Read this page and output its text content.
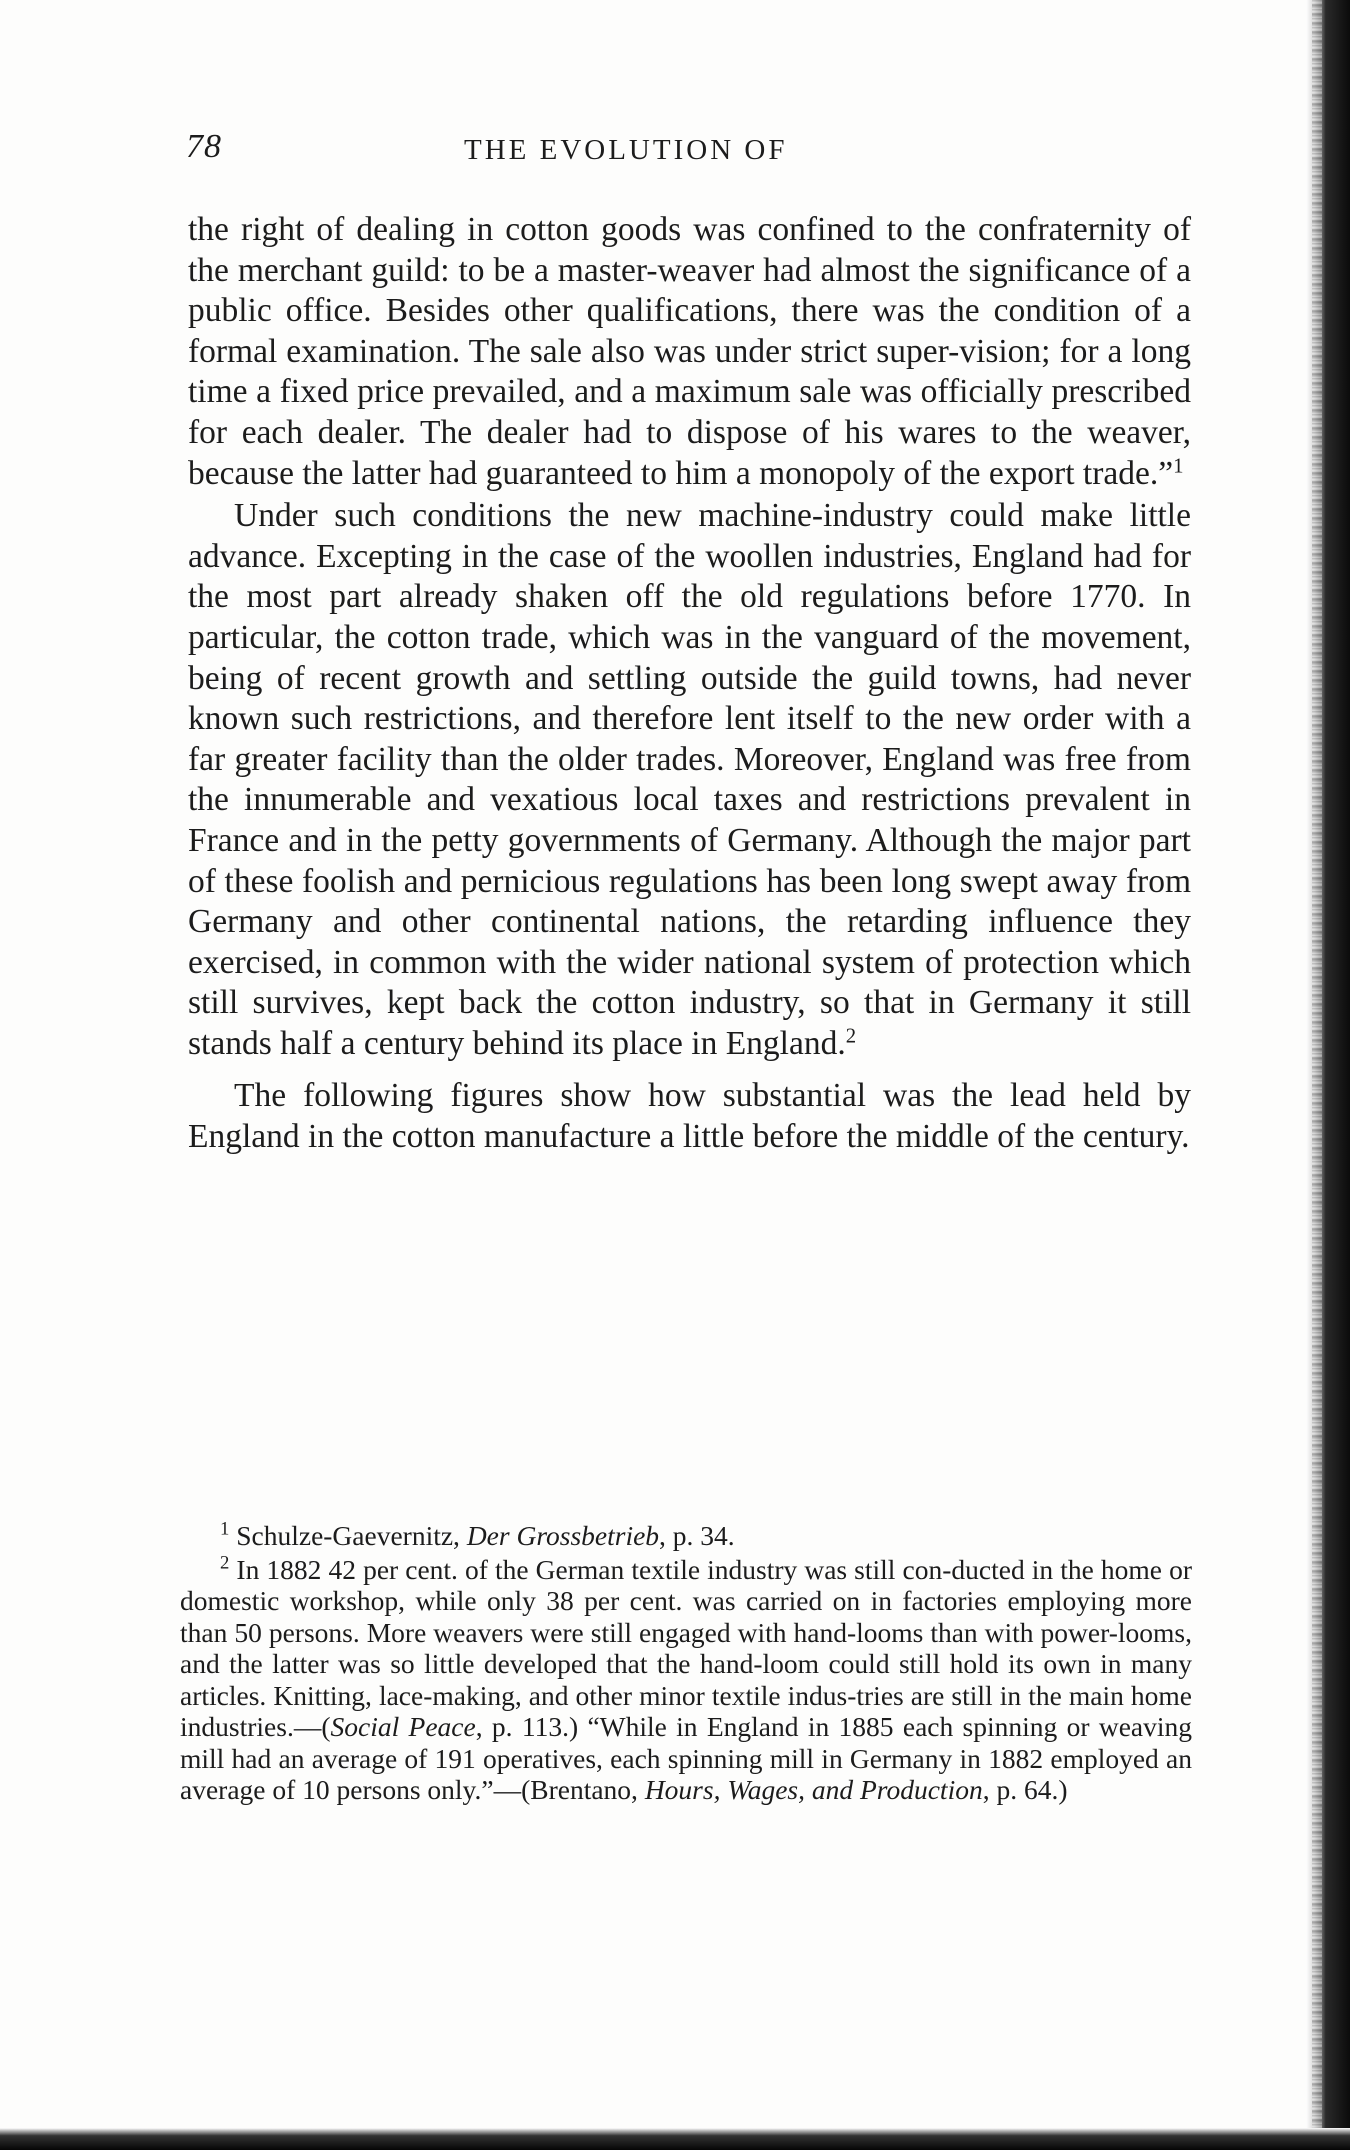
78	THE EVOLUTION OF

the right of dealing in cotton goods was confined to the confraternity of the merchant guild: to be a master-weaver had almost the significance of a public office. Besides other qualifications, there was the condition of a formal examination. The sale also was under strict super-vision; for a long time a fixed price prevailed, and a maximum sale was officially prescribed for each dealer. The dealer had to dispose of his wares to the weaver, because the latter had guaranteed to him a monopoly of the export trade.”$^1$

Under such conditions the new machine-industry could make little advance. Excepting in the case of the woollen industries, England had for the most part already shaken off the old regulations before 1770. In particular, the cotton trade, which was in the vanguard of the movement, being of recent growth and settling outside the guild towns, had never known such restrictions, and therefore lent itself to the new order with a far greater facility than the older trades. Moreover, England was free from the innumerable and vexatious local taxes and restrictions prevalent in France and in the petty governments of Germany. Although the major part of these foolish and pernicious regulations has been long swept away from Germany and other continental nations, the retarding influence they exercised, in common with the wider national system of protection which still survives, kept back the cotton industry, so that in Germany it still stands half a century behind its place in England.$^2$

The following figures show how substantial was the lead held by England in the cotton manufacture a little before the middle of the century.

$^1$ Schulze-Gaevernitz, Der Grossbetrieb, p. 34.

$^2$ In 1882 42 per cent. of the German textile industry was still con-ducted in the home or domestic workshop, while only 38 per cent. was carried on in factories employing more than 50 persons. More weavers were still engaged with hand-looms than with power-looms, and the latter was so little developed that the hand-loom could still hold its own in many articles. Knitting, lace-making, and other minor textile indus-tries are still in the main home industries.—(Social Peace, p. 113.) “While in England in 1885 each spinning or weaving mill had an average of 191 operatives, each spinning mill in Germany in 1882 employed an average of 10 persons only.”—(Brentano, Hours, Wages, and Production, p. 64.)
